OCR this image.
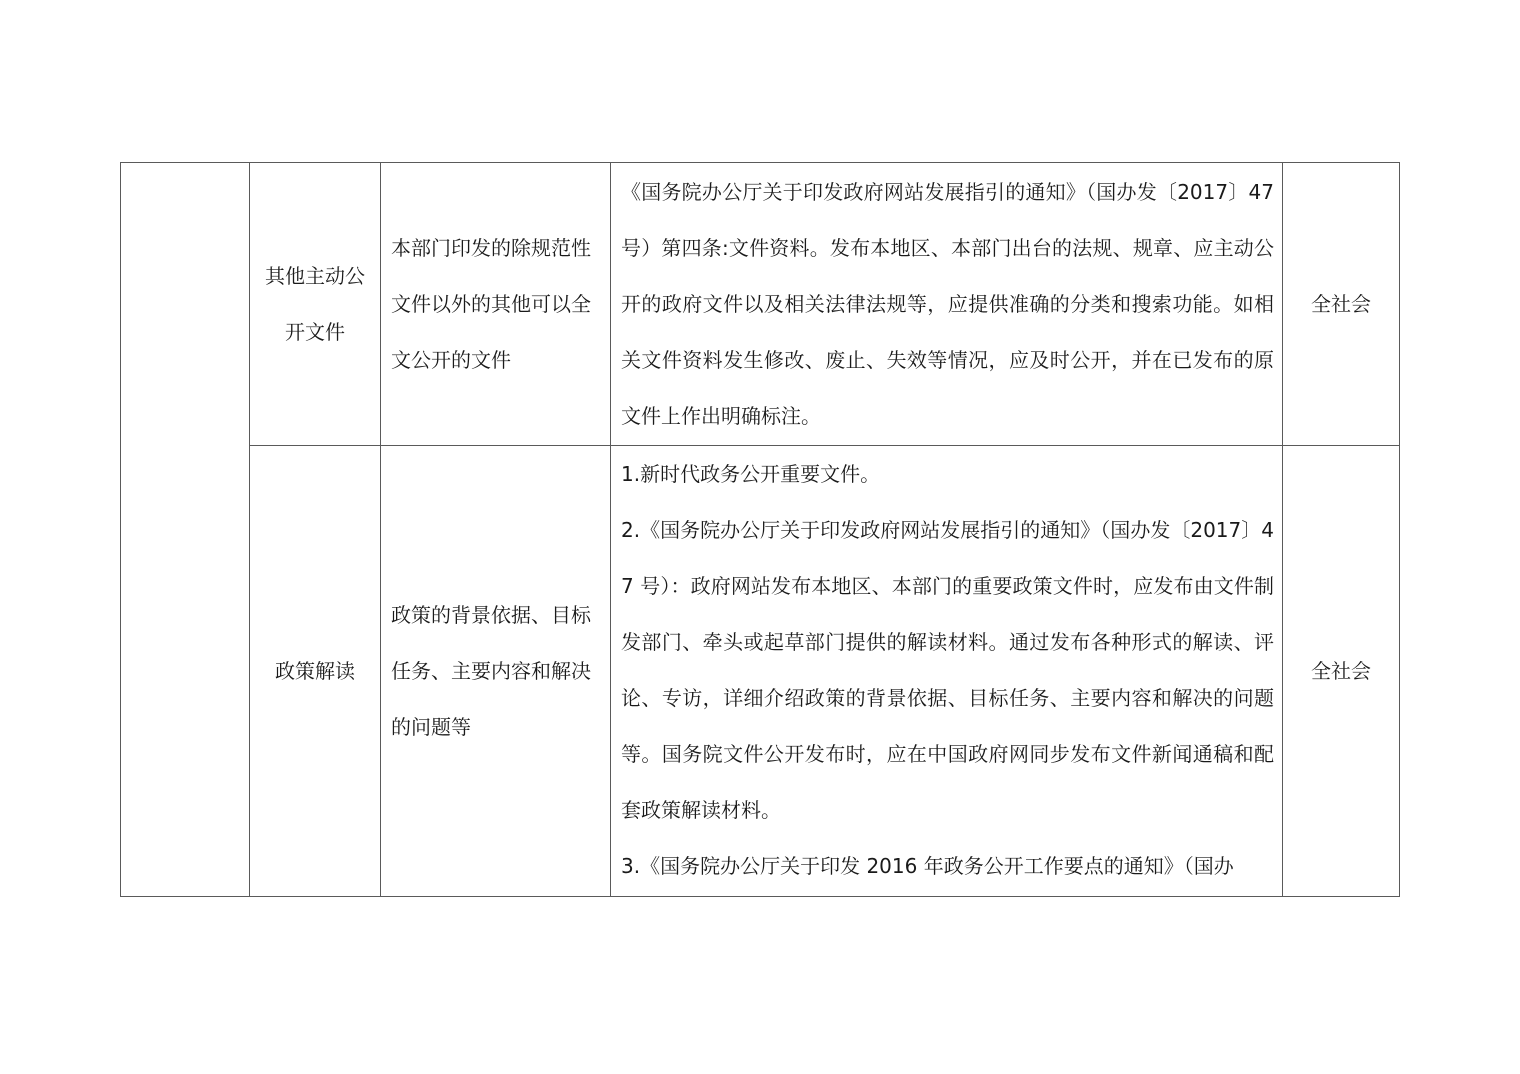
	其他主动公开文件	本部门印发的除规范性文件以外的其他可以全文公开的文件	《国务院办公厅关于印发政府网站发展指引的通知》（国办发〔2017〕47 号）第四条:文件资料。发布本地区、本部门出台的法规、规章、应主动公开的政府文件以及相关法律法规等，应提供准确的分类和搜索功能。如相关文件资料发生修改、废止、失效等情况，应及时公开，并在已发布的原文件上作出明确标注。	全社会
	政策解读	政策的背景依据、目标任务、主要内容和解决的问题等	1.新时代政务公开重要文件。
2.《国务院办公厅关于印发政府网站发展指引的通知》（国办发〔2017〕47 号）：政府网站发布本地区、本部门的重要政策文件时，应发布由文件制发部门、牵头或起草部门提供的解读材料。通过发布各种形式的解读、评论、专访，详细介绍政策的背景依据、目标任务、主要内容和解决的问题等。国务院文件公开发布时，应在中国政府网同步发布文件新闻通稿和配套政策解读材料。
3.《国务院办公厅关于印发 2016 年政务公开工作要点的通知》（国办	全社会
